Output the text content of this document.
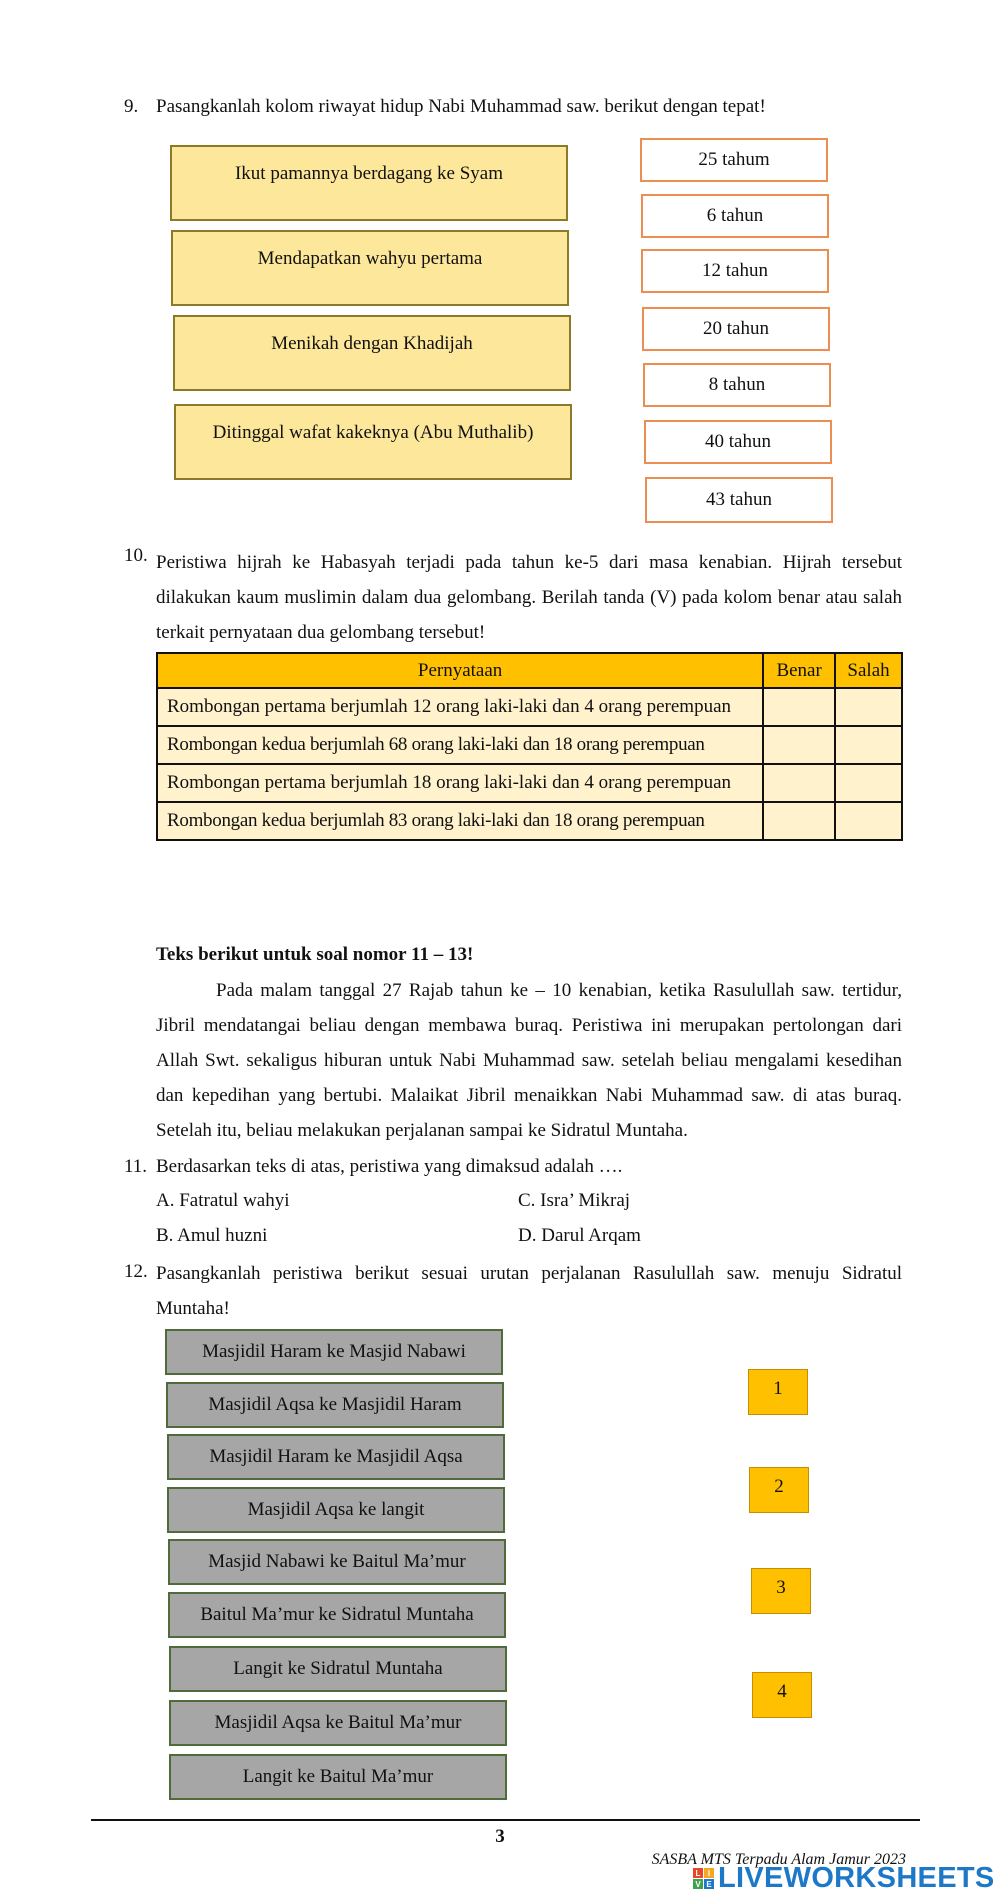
9. Pasangkanlah kolom riwayat hidup Nabi Muhammad saw. berikut dengan tepat!
Ikut pamannya berdagang ke Syam
Mendapatkan wahyu pertama
Menikah dengan Khadijah
Ditinggal wafat kakeknya (Abu Muthalib)
25 tahum
6 tahun
12 tahun
20 tahun
8 tahun
40 tahun
43 tahun
10. Peristiwa hijrah ke Habasyah terjadi pada tahun ke-5 dari masa kenabian. Hijrah tersebut dilakukan kaum muslimin dalam dua gelombang. Berilah tanda (V) pada kolom benar atau salah terkait pernyataan dua gelombang tersebut!
Pernyataan	Benar	Salah
Rombongan pertama berjumlah 12 orang laki-laki dan 4 orang perempuan		
Rombongan kedua berjumlah 68 orang laki-laki dan 18 orang perempuan		
Rombongan pertama berjumlah 18 orang laki-laki dan 4 orang perempuan		
Rombongan kedua berjumlah 83 orang laki-laki dan 18 orang perempuan		
Teks berikut untuk soal nomor 11 – 13!
Pada malam tanggal 27 Rajab tahun ke – 10 kenabian, ketika Rasulullah saw. tertidur, Jibril mendatangai beliau dengan membawa buraq. Peristiwa ini merupakan pertolongan dari Allah Swt. sekaligus hiburan untuk Nabi Muhammad saw. setelah beliau mengalami kesedihan dan kepedihan yang bertubi. Malaikat Jibril menaikkan Nabi Muhammad saw. di atas buraq. Setelah itu, beliau melakukan perjalanan sampai ke Sidratul Muntaha.
11. Berdasarkan teks di atas, peristiwa yang dimaksud adalah ….
A. Fatratul wahyi	C. Isra’ Mikraj
B. Amul huzni	D. Darul Arqam
12. Pasangkanlah peristiwa berikut sesuai urutan perjalanan Rasulullah saw. menuju Sidratul Muntaha!
Masjidil Haram ke Masjid Nabawi
Masjidil Aqsa ke Masjidil Haram
Masjidil Haram ke Masjidil Aqsa
Masjidil Aqsa ke langit
Masjid Nabawi ke Baitul Ma’mur
Baitul Ma’mur ke Sidratul Muntaha
Langit ke Sidratul Muntaha
Masjidil Aqsa ke Baitul Ma’mur
Langit ke Baitul Ma’mur
1
2
3
4
3
SASBA MTS Terpadu Alam Jamur 2023
L I
V E LIVEWORKSHEETS
